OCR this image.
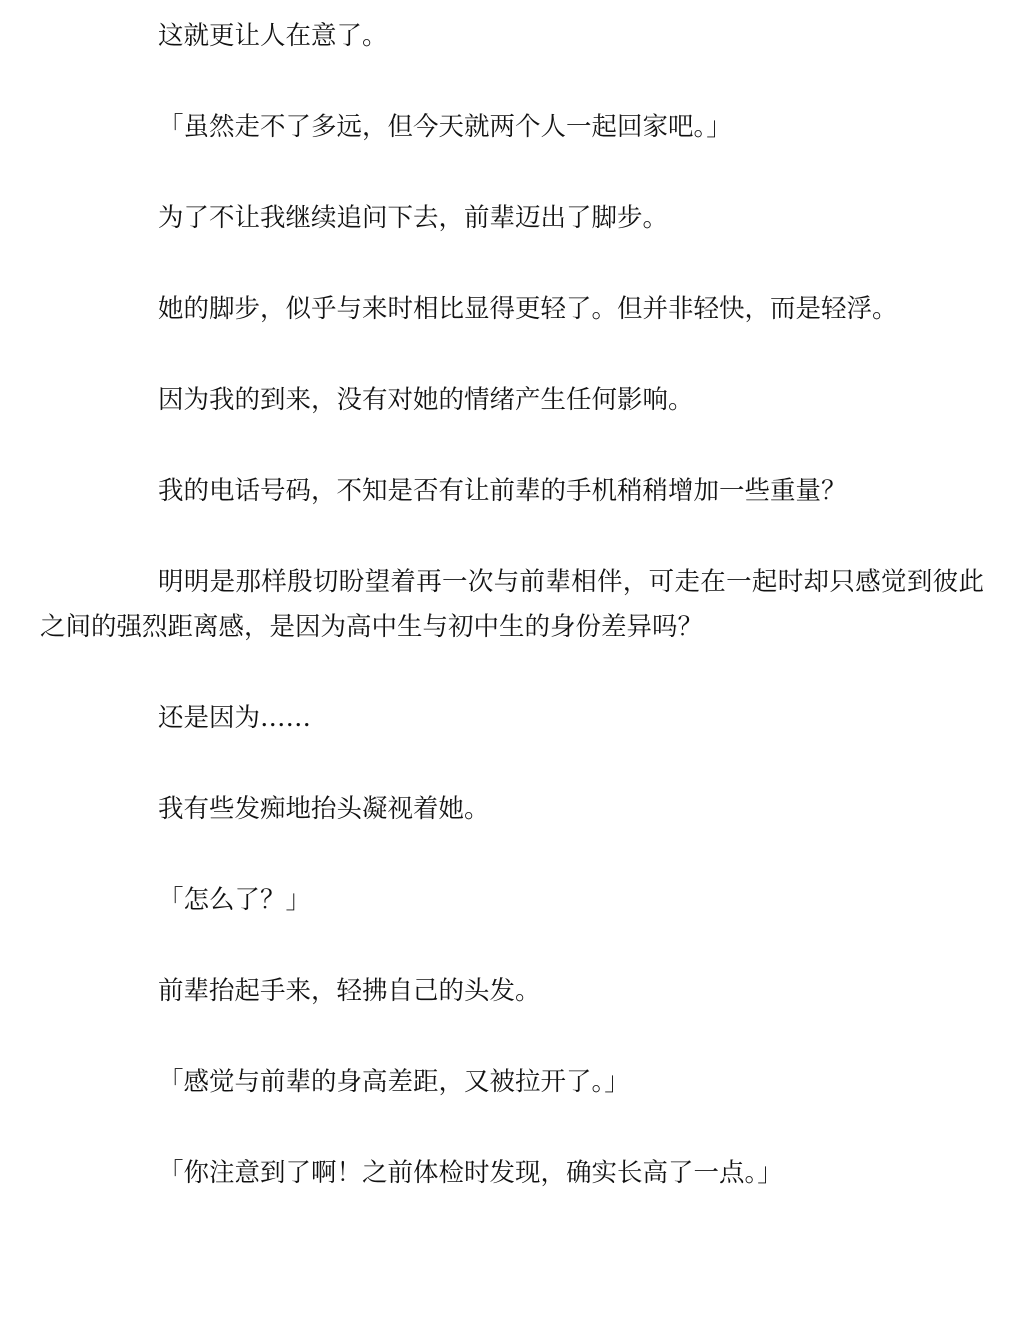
这就更让人在意了。

「虽然走不了多远，但今天就两个人一起回家吧。」

为了不让我继续追问下去，前辈迈出了脚步。

她的脚步，似乎与来时相比显得更轻了。但并非轻快，而是轻浮。

因为我的到来，没有对她的情绪产生任何影响。

我的电话号码，不知是否有让前辈的手机稍稍增加一些重量？

明明是那样殷切盼望着再一次与前辈相伴，可走在一起时却只感觉到彼此之间的强烈距离感，是因为高中生与初中生的身份差异吗？

还是因为……

我有些发痴地抬头凝视着她。

「怎么了？」

前辈抬起手来，轻拂自己的头发。

「感觉与前辈的身高差距，又被拉开了。」

「你注意到了啊！之前体检时发现，确实长高了一点。」
